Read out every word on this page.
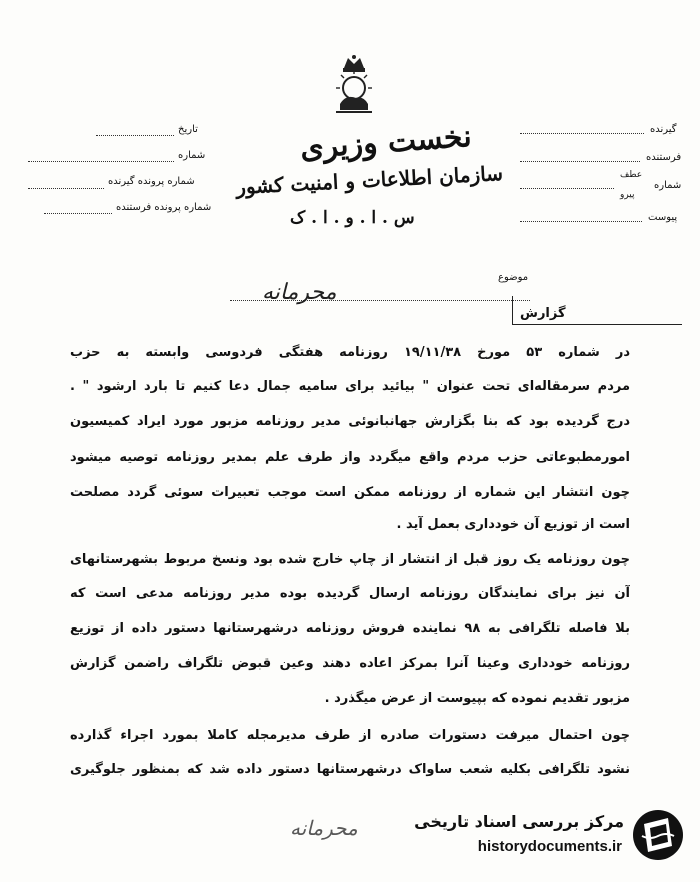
تاریخ
شماره
شماره پرونده گیرنده
شماره پرونده فرستنده
نخست وزیری
سازمان اطلاعات و امنیت کشور
س . ا . و . ا . ک
گیرنده
فرستنده
شماره
عطف
پیرو
پیوست
موضوع
محرمانه
گزارش
در شماره ۵۳ مورخ ۱۹/۱۱/۳۸ روزنامه هفتگی فردوسی وابسته به حزب
مردم سرمقاله‌ای تحت عنوان " بیائید برای سامیه جمال دعا کنیم تا بارد ارشود " .
درج گردیده بود که بنا بگزارش جهانبانوئی مدیر روزنامه مزبور مورد ایراد کمیسیون
امورمطبوعاتی حزب مردم واقع میگردد واز طرف علم بمدیر روزنامه توصیه میشود
چون انتشار این شماره از روزنامه ممکن است موجب تعبیرات سوئی گردد مصلحت
است از توزیع آن خودداری بعمل آید .
چون روزنامه یک روز قبل از انتشار از چاپ خارج شده بود ونسخ مربوط بشهرستانهای
آن نیز برای نمایندگان روزنامه ارسال گردیده بوده مدیر روزنامه مدعی است که
بلا فاصله تلگرافی به ۹۸ نماینده فروش روزنامه درشهرستانها دستور داده از توزیع
روزنامه خودداری وعینا آنرا بمرکز اعاده دهند وعین قبوض تلگراف راضمن گزارش
مزبور تقدیم نموده که بپیوست از عرض میگذرد .
چون احتمال میرفت دستورات صادره از طرف مدیرمجله کاملا بمورد اجراء گذارده
نشود تلگرافی بکلیه شعب ساواک درشهرستانها دستور داده شد که بمنظور جلوگیری
محرمانه	مرکز بررسی اسناد تاریخی
historydocuments.ir
